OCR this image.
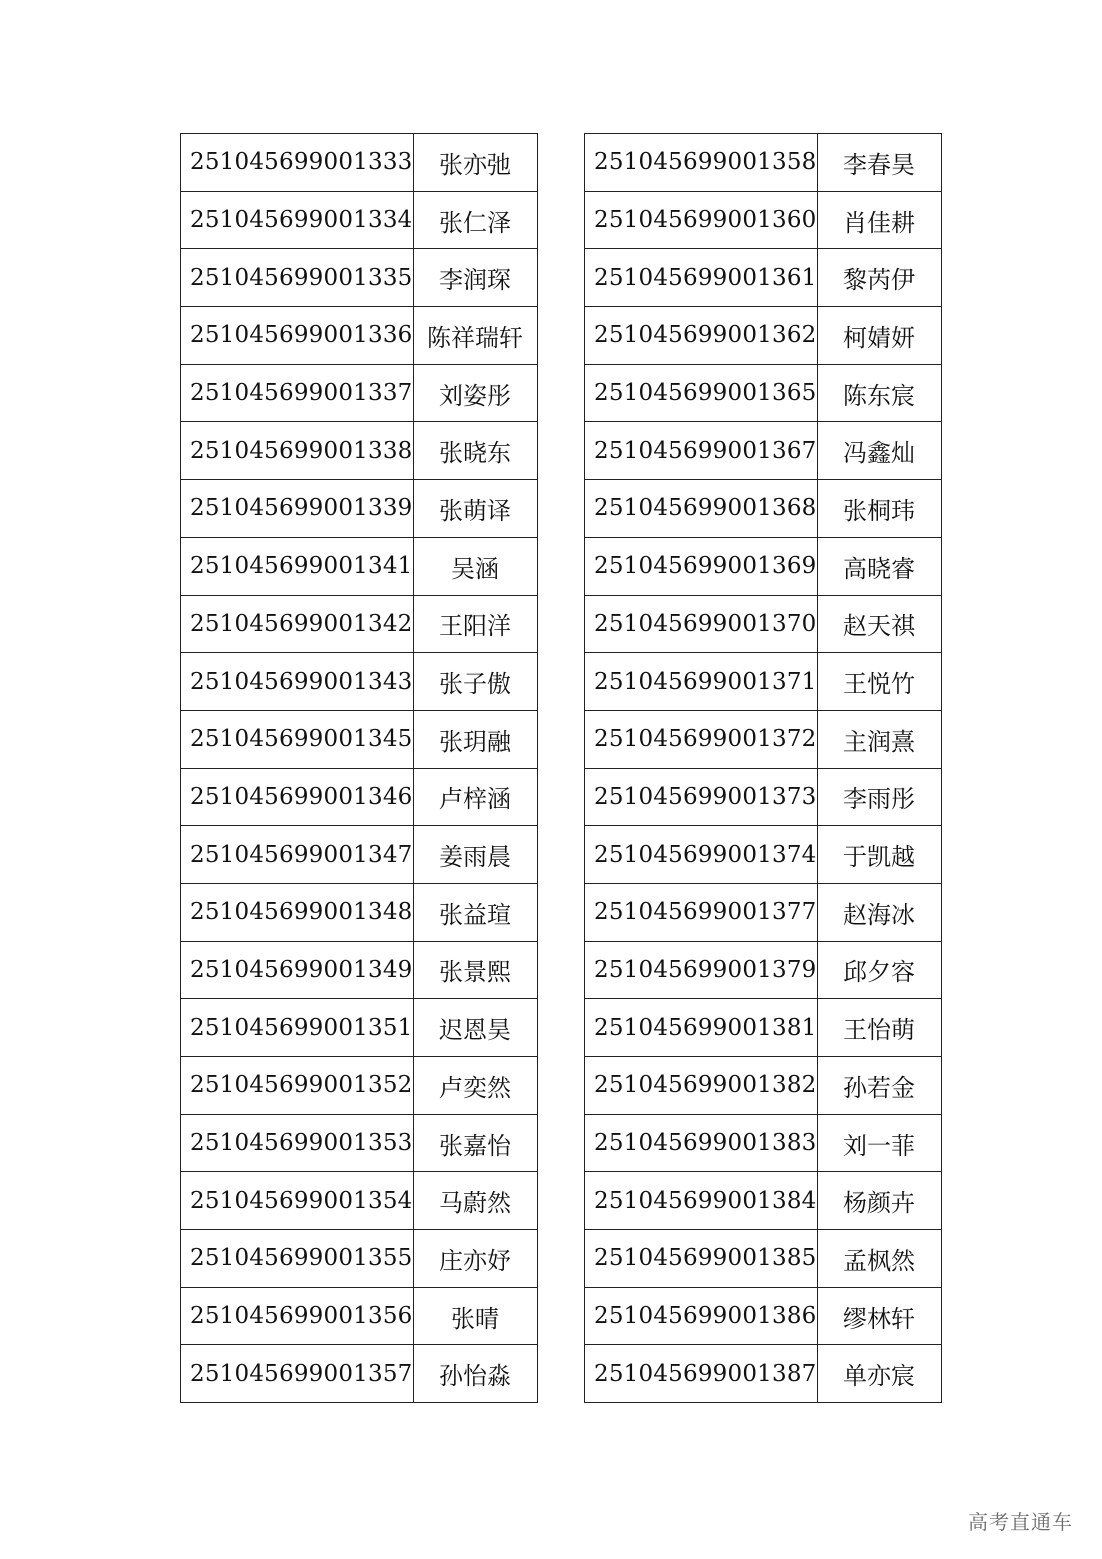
251045699001333	张亦弛
251045699001334	张仁泽
251045699001335	李润琛
251045699001336	陈祥瑞轩
251045699001337	刘姿彤
251045699001338	张晓东
251045699001339	张萌译
251045699001341	吴涵
251045699001342	王阳洋
251045699001343	张子傲
251045699001345	张玥融
251045699001346	卢梓涵
251045699001347	姜雨晨
251045699001348	张益瑄
251045699001349	张景熙
251045699001351	迟恩昊
251045699001352	卢奕然
251045699001353	张嘉怡
251045699001354	马蔚然
251045699001355	庄亦妤
251045699001356	张晴
251045699001357	孙怡淼
251045699001358	李春昊
251045699001360	肖佳耕
251045699001361	黎芮伊
251045699001362	柯婧妍
251045699001365	陈东宸
251045699001367	冯鑫灿
251045699001368	张桐玮
251045699001369	高晓睿
251045699001370	赵天祺
251045699001371	王悦竹
251045699001372	主润熹
251045699001373	李雨彤
251045699001374	于凯越
251045699001377	赵海冰
251045699001379	邱夕容
251045699001381	王怡萌
251045699001382	孙若金
251045699001383	刘一菲
251045699001384	杨颜卉
251045699001385	孟枫然
251045699001386	缪林轩
251045699001387	单亦宸
高考直通车
